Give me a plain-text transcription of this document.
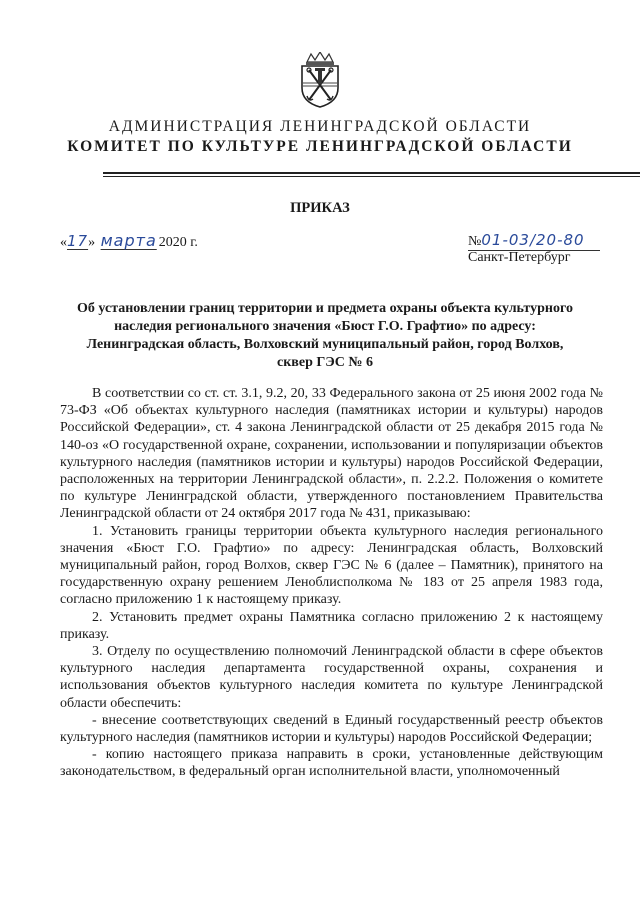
АДМИНИСТРАЦИЯ ЛЕНИНГРАДСКОЙ ОБЛАСТИ
КОМИТЕТ ПО КУЛЬТУРЕ ЛЕНИНГРАДСКОЙ ОБЛАСТИ
ПРИКАЗ
«17» марта 2020 г.	№01-03/20-80
Санкт-Петербург
Об установлении границ территории и предмета охраны объекта культурного
наследия регионального значения «Бюст Г.О. Графтио» по адресу:
Ленинградская область, Волховский муниципальный район, город Волхов,
сквер ГЭС № 6

В соответствии со ст. ст. 3.1, 9.2, 20, 33 Федерального закона от 25 июня 2002 года № 73-ФЗ «Об объектах культурного наследия (памятниках истории и культуры) народов Российской Федерации», ст. 4 закона Ленинградской области от 25 декабря 2015 года № 140-оз «О государственной охране, сохранении, использовании и популяризации объектов культурного наследия (памятников истории и культуры) народов Российской Федерации, расположенных на территории Ленинградской области», п. 2.2.2. Положения о комитете по культуре Ленинградской области, утвержденного постановлением Правительства Ленинградской области от 24 октября 2017 года № 431, приказываю:

1. Установить границы территории объекта культурного наследия регионального значения «Бюст Г.О. Графтио» по адресу: Ленинградская область, Волховский муниципальный район, город Волхов, сквер ГЭС № 6 (далее – Памятник), принятого на государственную охрану решением Леноблисполкома № 183 от 25 апреля 1983 года, согласно приложению 1 к настоящему приказу.

2. Установить предмет охраны Памятника согласно приложению 2 к настоящему приказу.

3. Отделу по осуществлению полномочий Ленинградской области в сфере объектов культурного наследия департамента государственной охраны, сохранения и использования объектов культурного наследия комитета по культуре Ленинградской области обеспечить:

- внесение соответствующих сведений в Единый государственный реестр объектов культурного наследия (памятников истории и культуры) народов Российской Федерации;

- копию настоящего приказа направить в сроки, установленные действующим законодательством, в федеральный орган исполнительной власти, уполномоченный
